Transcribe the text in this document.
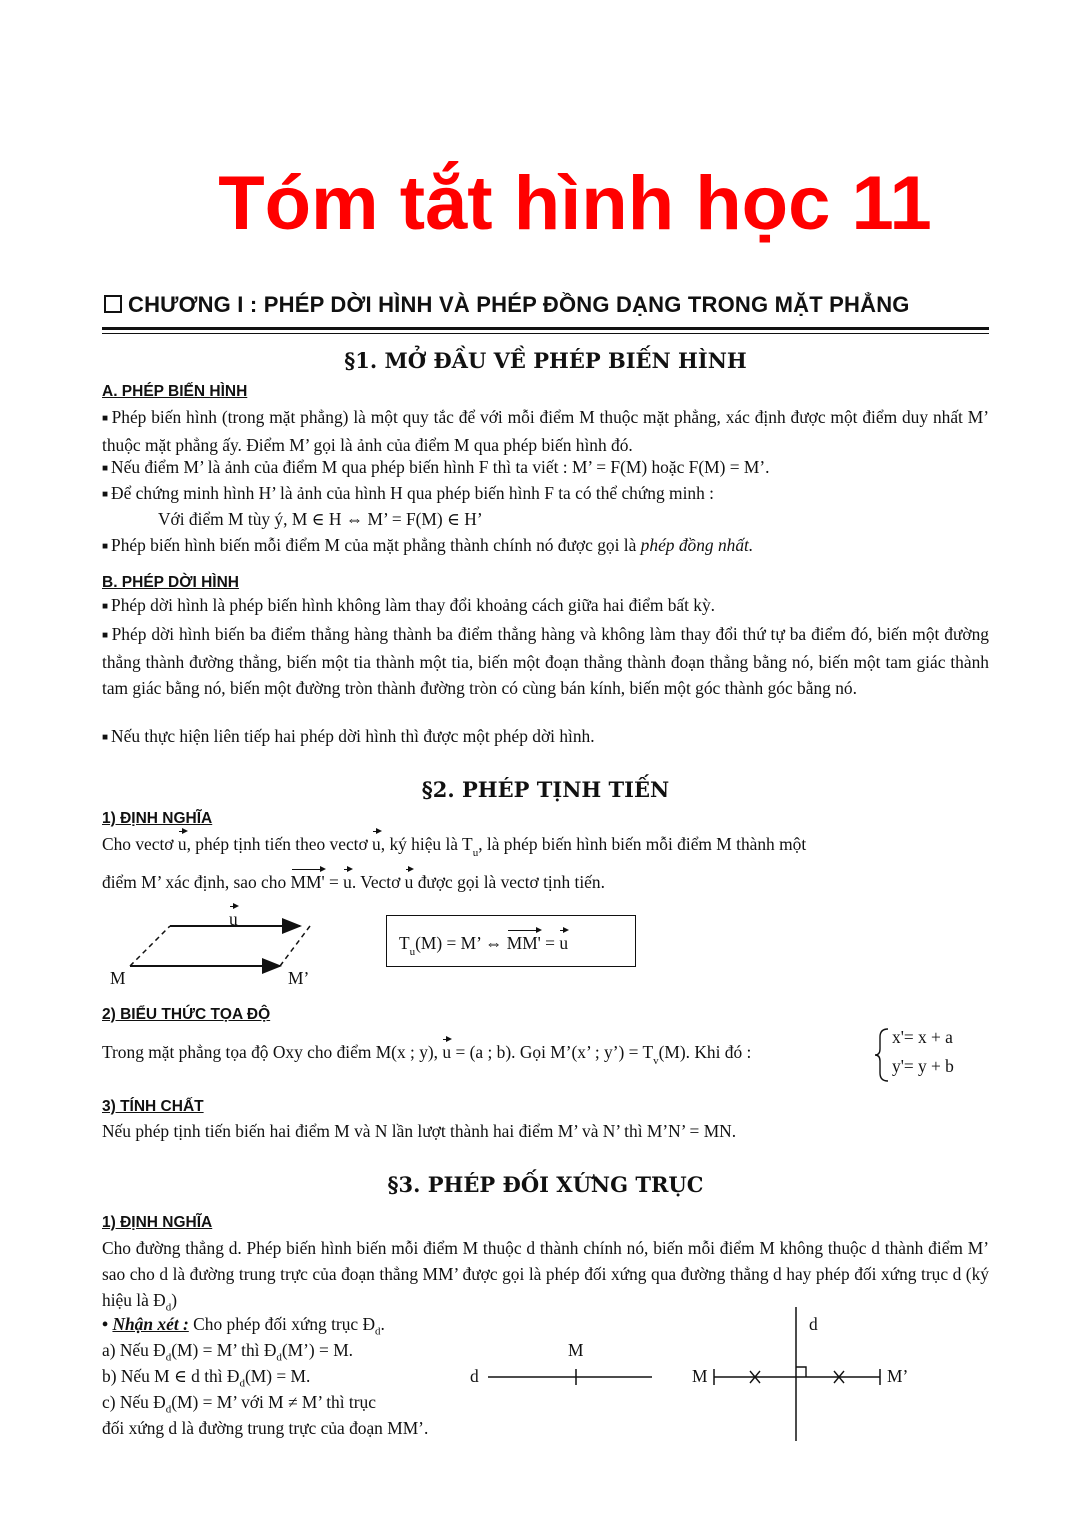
Tóm tắt hình học 11
CHƯƠNG I : PHÉP DỜI HÌNH VÀ PHÉP ĐỒNG DẠNG TRONG MẶT PHẲNG
§1. MỞ ĐẦU VỀ PHÉP BIẾN HÌNH
A. PHÉP BIẾN HÌNH
■ Phép biến hình (trong mặt phẳng) là một quy tắc để với mỗi điểm M thuộc mặt phẳng, xác định được một điểm duy nhất M’ thuộc mặt phẳng ấy. Điểm M’ gọi là ảnh của điểm M qua phép biến hình đó.
■ Nếu điểm M’ là ảnh của điểm M qua phép biến hình F thì ta viết : M’ = F(M) hoặc F(M) = M’.
■ Để chứng minh hình H’ là ảnh của hình H qua phép biến hình F ta có thể chứng minh :
Với điểm M tùy ý, M ∈ H ⇔ M’ = F(M) ∈ H’
■ Phép biến hình biến mỗi điểm M của mặt phẳng thành chính nó được gọi là phép đồng nhất.
B. PHÉP DỜI HÌNH
■ Phép dời hình là phép biến hình không làm thay đổi khoảng cách giữa hai điểm bất kỳ.
■ Phép dời hình biến ba điểm thẳng hàng thành ba điểm thẳng hàng và không làm thay đổi thứ tự ba điểm đó, biến một đường thẳng thành đường thẳng, biến một tia thành một tia, biến một đoạn thẳng thành đoạn thẳng bằng nó, biến một tam giác thành tam giác bằng nó, biến một đường tròn thành đường tròn có cùng bán kính, biến một góc thành góc bằng nó.
■ Nếu thực hiện liên tiếp hai phép dời hình thì được một phép dời hình.
§2. PHÉP TỊNH TIẾN
1) ĐỊNH NGHĨA
Cho vectơ u, phép tịnh tiến theo vectơ u, ký hiệu là $T_u$, là phép biến hình biến mỗi điểm M thành một
điểm M’ xác định, sao cho MM' = u. Vectơ u được gọi là vectơ tịnh tiến.
u
M	M’
$T_u(M) = M$’ ⇔ MM' = u
2) BIỂU THỨC TỌA ĐỘ
Trong mặt phẳng tọa độ Oxy cho điểm M(x ; y), u = (a ; b). Gọi M’(x’ ; y’) = $T_v(M)$. Khi đó :
x'= x + a
y'= y + b
3) TÍNH CHẤT
Nếu phép tịnh tiến biến hai điểm M và N lần lượt thành hai điểm M’ và N’ thì M’N’ = MN.
§3. PHÉP ĐỐI XỨNG TRỤC
1) ĐỊNH NGHĨA
Cho đường thẳng d. Phép biến hình biến mỗi điểm M thuộc d thành chính nó, biến mỗi điểm M không thuộc d thành điểm M’ sao cho d là đường trung trực của đoạn thẳng MM’ được gọi là phép đối xứng qua đường thẳng d hay phép đối xứng trục d (ký hiệu là $Đ_d$)
• Nhận xét : Cho phép đối xứng trục $Đ_d$.
a) Nếu $Đ_d(M) = M$’ thì $Đ_d(M’) = M$.
b) Nếu M ∈ d thì $Đ_d(M) = M$.
c) Nếu $Đ_d(M) = M$’ với M ≠ M’ thì trục
đối xứng d là đường trung trực của đoạn MM’.
M
d
d
M	M’
